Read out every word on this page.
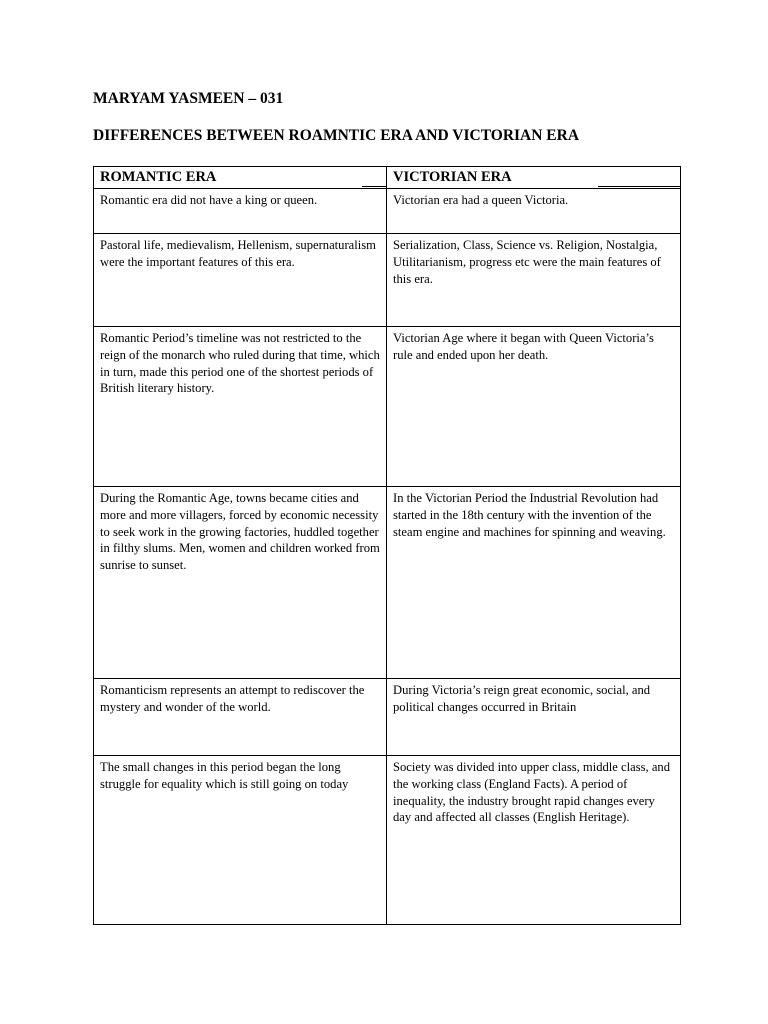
MARYAM YASMEEN – 031

DIFFERENCES BETWEEN ROAMNTIC ERA AND VICTORIAN ERA

ROMANTIC ERA	VICTORIAN ERA
Romantic era did not have a king or queen.	Victorian era had a queen Victoria.
Pastoral life, medievalism, Hellenism, supernaturalism were the important features of this era.	Serialization, Class, Science vs. Religion, Nostalgia, Utilitarianism, progress etc were the main features of this era.
Romantic Period’s timeline was not restricted to the reign of the monarch who ruled during that time, which in turn, made this period one of the shortest periods of British literary history.	Victorian Age where it began with Queen Victoria’s rule and ended upon her death.
During the Romantic Age, towns became cities and more and more villagers, forced by economic necessity to seek work in the growing factories, huddled together in filthy slums. Men, women and children worked from sunrise to sunset.	In the Victorian Period the Industrial Revolution had started in the 18th century with the invention of the steam engine and machines for spinning and weaving.
Romanticism represents an attempt to rediscover the mystery and wonder of the world.	During Victoria’s reign great economic, social, and political changes occurred in Britain
The small changes in this period began the long struggle for equality which is still going on today	Society was divided into upper class, middle class, and the working class (England Facts). A period of inequality, the industry brought rapid changes every day and affected all classes (English Heritage).
